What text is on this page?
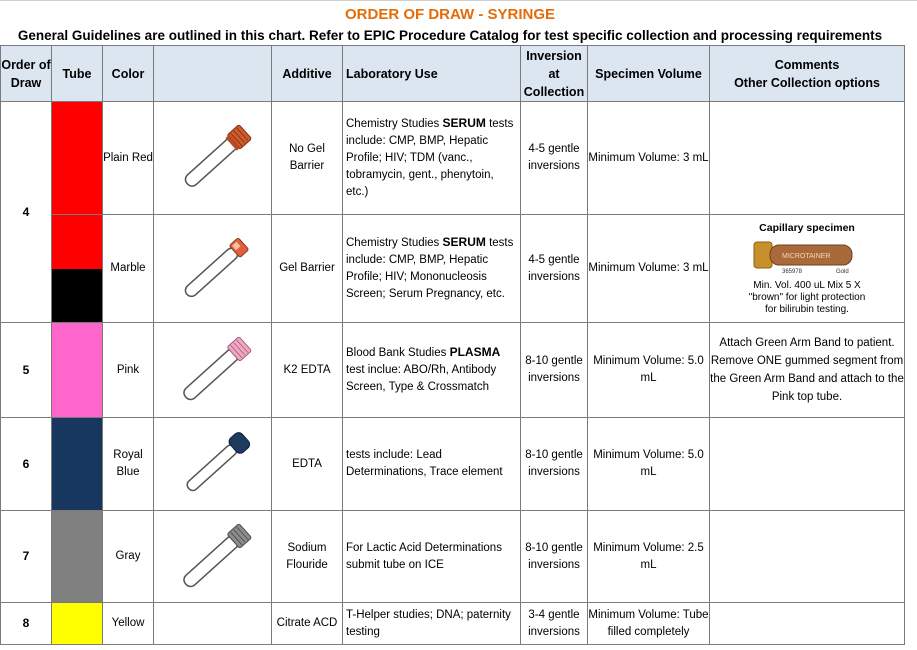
ORDER OF DRAW - SYRINGE
General Guidelines are outlined in this chart. Refer to EPIC Procedure Catalog for test specific collection and processing requirements
Order of Draw	Tube	Color		Additive	Laboratory Use	Inversion at Collection	Specimen Volume	Comments
Other Collection options

4		Plain Red		No Gel Barrier	Chemistry Studies SERUM tests include: CMP, BMP, Hepatic Profile; HIV; TDM (vanc., tobramycin, gent., phenytoin, etc.)	4-5 gentle inversions	Minimum Volume: 3 mL	

		Marble		Gel Barrier	Chemistry Studies SERUM tests include: CMP, BMP, Hepatic Profile; HIV; Mononucleosis Screen; Serum Pregnancy, etc.	4-5 gentle inversions	Minimum Volume: 3 mL	Capillary specimen
MICROTAINER
365978 Gold
Min. Vol. 400 uL Mix 5 X "brown" for light protection for bilirubin testing.

5		Pink		K2 EDTA	Blood Bank Studies PLASMA test inclue: ABO/Rh, Antibody Screen, Type & Crossmatch	8-10 gentle inversions	Minimum Volume: 5.0 mL	Attach Green Arm Band to patient. Remove ONE gummed segment from the Green Arm Band and attach to the Pink top tube.
6		Royal Blue		EDTA	tests include: Lead Determinations, Trace element	8-10 gentle inversions	Minimum Volume: 5.0 mL	
7		Gray		Sodium Flouride	For Lactic Acid Determinations submit tube on ICE	8-10 gentle inversions	Minimum Volume: 2.5 mL	
8		Yellow		Citrate ACD	T-Helper studies; DNA; paternity testing	3-4 gentle inversions	Minimum Volume: Tube filled completely	
